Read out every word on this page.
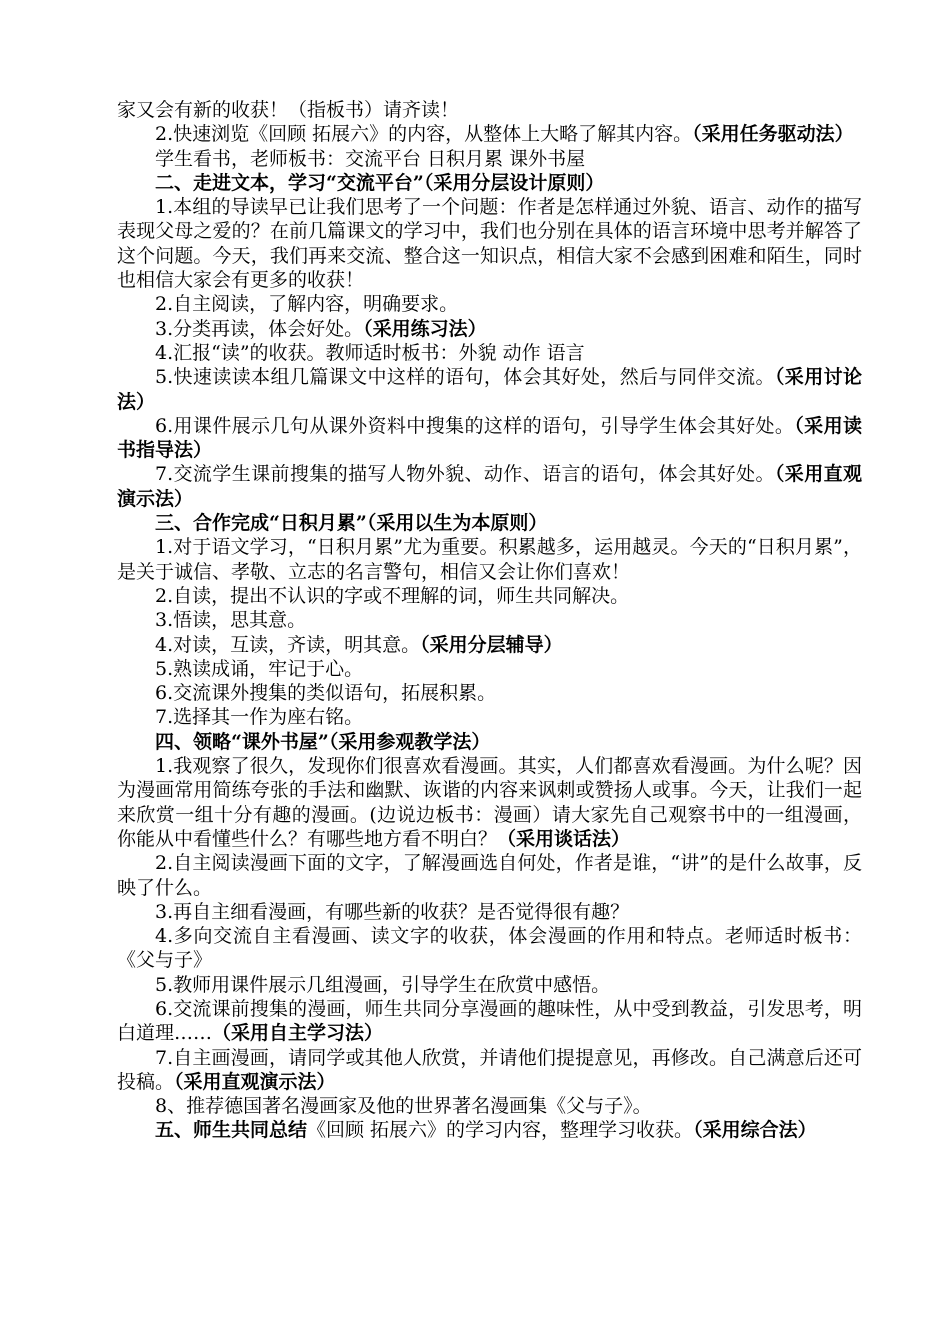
家又会有新的收获！（指板书）请齐读！

2.快速浏览《回顾 拓展六》的内容，从整体上大略了解其内容。（采用任务驱动法）

学生看书，老师板书：交流平台 日积月累 课外书屋

二、走进文本，学习“交流平台”（采用分层设计原则）

1.本组的导读早已让我们思考了一个问题：作者是怎样通过外貌、语言、动作的描写表现父母之爱的？在前几篇课文的学习中，我们也分别在具体的语言环境中思考并解答了这个问题。今天，我们再来交流、整合这一知识点，相信大家不会感到困难和陌生，同时也相信大家会有更多的收获！

2.自主阅读，了解内容，明确要求。

3.分类再读，体会好处。（采用练习法）

4.汇报“读”的收获。教师适时板书：外貌 动作 语言

5.快速读读本组几篇课文中这样的语句，体会其好处，然后与同伴交流。（采用讨论法）

6.用课件展示几句从课外资料中搜集的这样的语句，引导学生体会其好处。（采用读书指导法）

7.交流学生课前搜集的描写人物外貌、动作、语言的语句，体会其好处。（采用直观演示法）

三、合作完成“日积月累”（采用以生为本原则）

1.对于语文学习，“日积月累”尤为重要。积累越多，运用越灵。今天的“日积月累”，是关于诚信、孝敬、立志的名言警句，相信又会让你们喜欢！

2.自读，提出不认识的字或不理解的词，师生共同解决。

3.悟读，思其意。

4.对读，互读，齐读，明其意。（采用分层辅导）

5.熟读成诵，牢记于心。

6.交流课外搜集的类似语句，拓展积累。

7.选择其一作为座右铭。

四、领略“课外书屋”（采用参观教学法）

1.我观察了很久，发现你们很喜欢看漫画。其实，人们都喜欢看漫画。为什么呢？因为漫画常用简练夸张的手法和幽默、诙谐的内容来讽刺或赞扬人或事。今天，让我们一起来欣赏一组十分有趣的漫画。(边说边板书：漫画）请大家先自己观察书中的一组漫画，你能从中看懂些什么？有哪些地方看不明白？（采用谈话法）

2.自主阅读漫画下面的文字，了解漫画选自何处，作者是谁，“讲”的是什么故事，反映了什么。

3.再自主细看漫画，有哪些新的收获？是否觉得很有趣？

4.多向交流自主看漫画、读文字的收获，体会漫画的作用和特点。老师适时板书：《父与子》

5.教师用课件展示几组漫画，引导学生在欣赏中感悟。

6.交流课前搜集的漫画，师生共同分享漫画的趣味性，从中受到教益，引发思考，明白道理……（采用自主学习法）

7.自主画漫画，请同学或其他人欣赏，并请他们提提意见，再修改。自己满意后还可投稿。（采用直观演示法）

8、推荐德国著名漫画家及他的世界著名漫画集《父与子》。

五、师生共同总结《回顾 拓展六》的学习内容，整理学习收获。（采用综合法）
